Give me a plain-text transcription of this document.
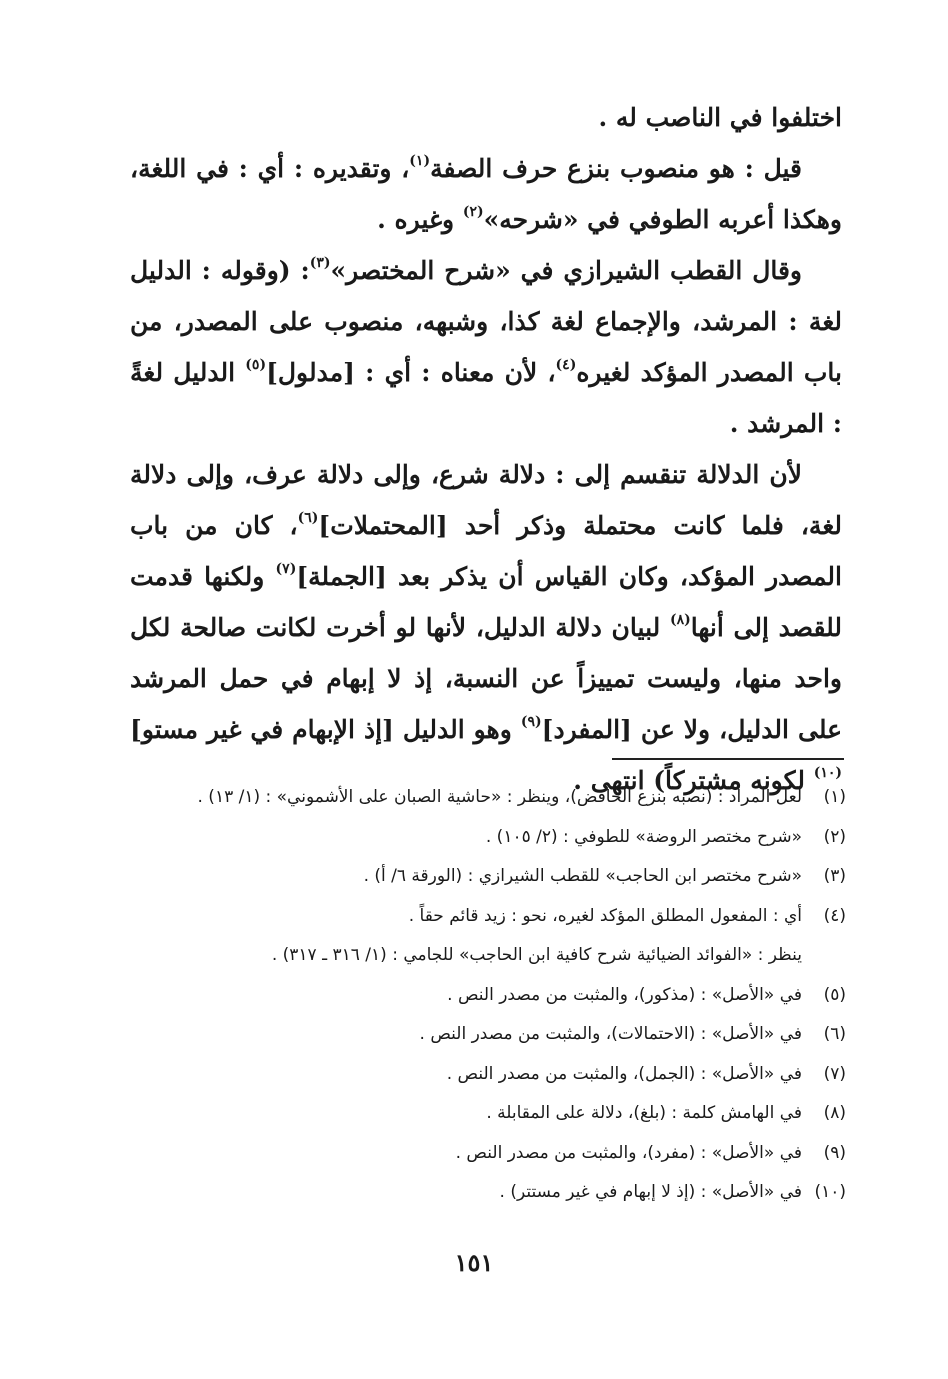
اختلفوا في الناصب له .

قيل : هو منصوب بنزع حرف الصفة$^{(١)}$، وتقديره : أي : في اللغة، وهكذا أعربه الطوفي في «شرحه»$^{(٢)}$ وغيره .

وقال القطب الشيرازي في «شرح المختصر»$^{(٣)}$: (وقوله : الدليل لغة : المرشد، والإجماع لغة كذا، وشبهه، منصوب على المصدر، من باب المصدر المؤكد لغيره$^{(٤)}$، لأن معناه : أي : [مدلول]$^{(٥)}$ الدليل لغةً : المرشد .

لأن الدلالة تنقسم إلى : دلالة شرع، وإلى دلالة عرف، وإلى دلالة لغة، فلما كانت محتملة وذكر أحد [المحتملات]$^{(٦)}$، كان من باب المصدر المؤكد، وكان القياس أن يذكر بعد [الجملة]$^{(٧)}$ ولكنها قدمت للقصد إلى أنها$^{(٨)}$ لبيان دلالة الدليل، لأنها لو أخرت لكانت صالحة لكل واحد منها، وليست تمييزاً عن النسبة، إذ لا إبهام في حمل المرشد على الدليل، ولا عن [المفرد]$^{(٩)}$ وهو الدليل [إذ الإبهام في غير مستو]$^{(١٠)}$ لكونه مشتركاً) انتهى .

(١)لعل المراد : (نصبه بنزع الخافض)، وينظر : «حاشية الصبان على الأشموني» : (١/ ١٣) .
(٢)«شرح مختصر الروضة» للطوفي : (٢/ ١٠٥) .
(٣)«شرح مختصر ابن الحاجب» للقطب الشيرازي : (الورقة ٦/ أ) .
(٤)أي : المفعول المطلق المؤكد لغيره، نحو : زيد قائم حقاً .
ينظر : «الفوائد الضيائية شرح كافية ابن الحاجب» للجامي : (١/ ٣١٦ ـ ٣١٧) .
(٥)في «الأصل» : (مذكور)، والمثبت من مصدر النص .
(٦)في «الأصل» : (الاحتمالات)، والمثبت من مصدر النص .
(٧)في «الأصل» : (الجمل)، والمثبت من مصدر النص .
(٨)في الهامش كلمة : (بلغ)، دلالة على المقابلة .
(٩)في «الأصل» : (مفرد)، والمثبت من مصدر النص .
(١٠)في «الأصل» : (إذ لا إبهام في غير مستتر) .
١٥١
